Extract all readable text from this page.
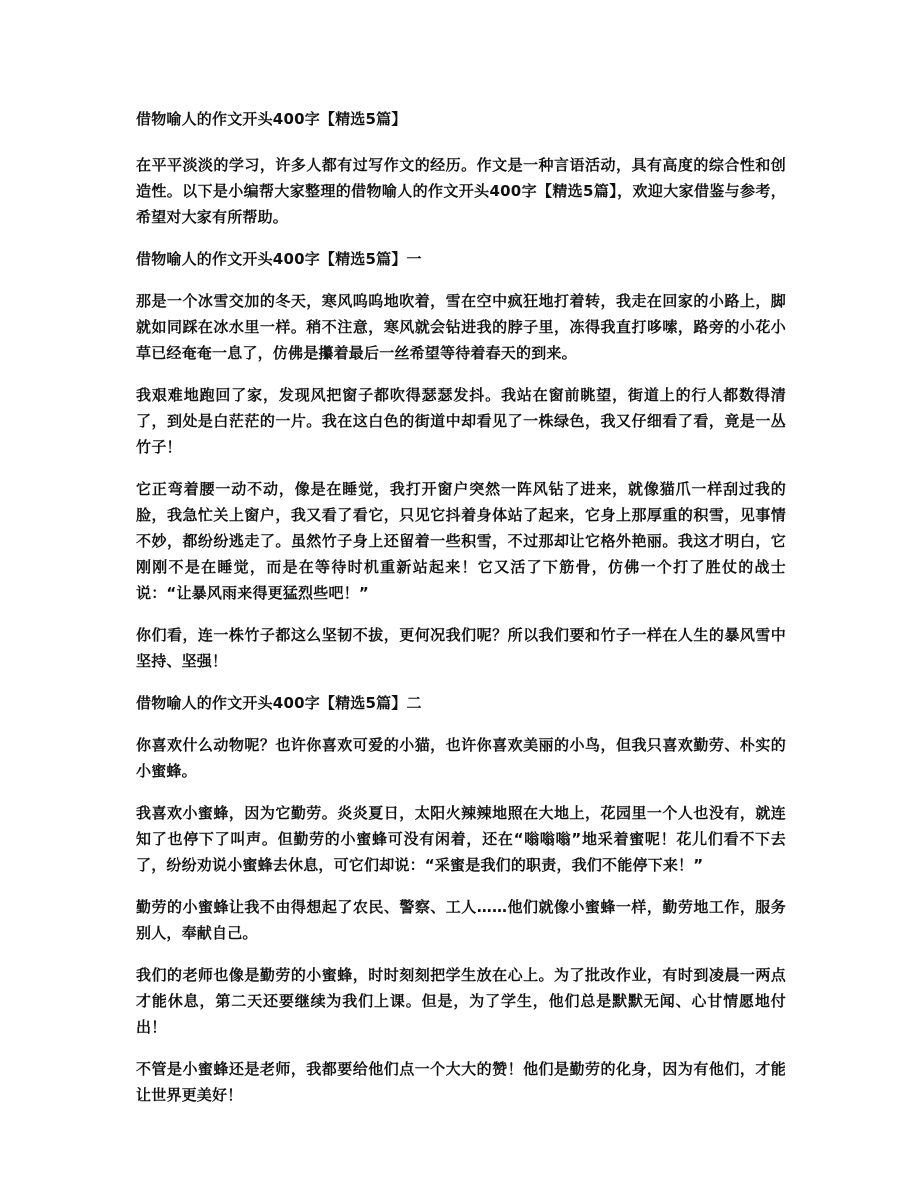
借物喻人的作文开头400字【精选5篇】

在平平淡淡的学习，许多人都有过写作文的经历。作文是一种言语活动，具有高度的综合性和创造性。以下是小编帮大家整理的借物喻人的作文开头400字【精选5篇】，欢迎大家借鉴与参考，希望对大家有所帮助。

借物喻人的作文开头400字【精选5篇】一

那是一个冰雪交加的冬天，寒风呜呜地吹着，雪在空中疯狂地打着转，我走在回家的小路上，脚就如同踩在冰水里一样。稍不注意，寒风就会钻进我的脖子里，冻得我直打哆嗦，路旁的小花小草已经奄奄一息了，仿佛是攥着最后一丝希望等待着春天的到来。

我艰难地跑回了家，发现风把窗子都吹得瑟瑟发抖。我站在窗前眺望，街道上的行人都数得清了，到处是白茫茫的一片。我在这白色的街道中却看见了一株绿色，我又仔细看了看，竟是一丛竹子！

它正弯着腰一动不动，像是在睡觉，我打开窗户突然一阵风钻了进来，就像猫爪一样刮过我的脸，我急忙关上窗户，我又看了看它，只见它抖着身体站了起来，它身上那厚重的积雪，见事情不妙，都纷纷逃走了。虽然竹子身上还留着一些积雪，不过那却让它格外艳丽。我这才明白，它刚刚不是在睡觉，而是在等待时机重新站起来！它又活了下筋骨，仿佛一个打了胜仗的战士说：“让暴风雨来得更猛烈些吧！”

你们看，连一株竹子都这么坚韧不拔，更何况我们呢？所以我们要和竹子一样在人生的暴风雪中坚持、坚强！

借物喻人的作文开头400字【精选5篇】二

你喜欢什么动物呢？也许你喜欢可爱的小猫，也许你喜欢美丽的小鸟，但我只喜欢勤劳、朴实的小蜜蜂。

我喜欢小蜜蜂，因为它勤劳。炎炎夏日，太阳火辣辣地照在大地上，花园里一个人也没有，就连知了也停下了叫声。但勤劳的小蜜蜂可没有闲着，还在“嗡嗡嗡”地采着蜜呢！花儿们看不下去了，纷纷劝说小蜜蜂去休息，可它们却说：“采蜜是我们的职责，我们不能停下来！”

勤劳的小蜜蜂让我不由得想起了农民、警察、工人……他们就像小蜜蜂一样，勤劳地工作，服务别人，奉献自己。

我们的老师也像是勤劳的小蜜蜂，时时刻刻把学生放在心上。为了批改作业，有时到凌晨一两点才能休息，第二天还要继续为我们上课。但是，为了学生，他们总是默默无闻、心甘情愿地付出！

不管是小蜜蜂还是老师，我都要给他们点一个大大的赞！他们是勤劳的化身，因为有他们，才能让世界更美好！
